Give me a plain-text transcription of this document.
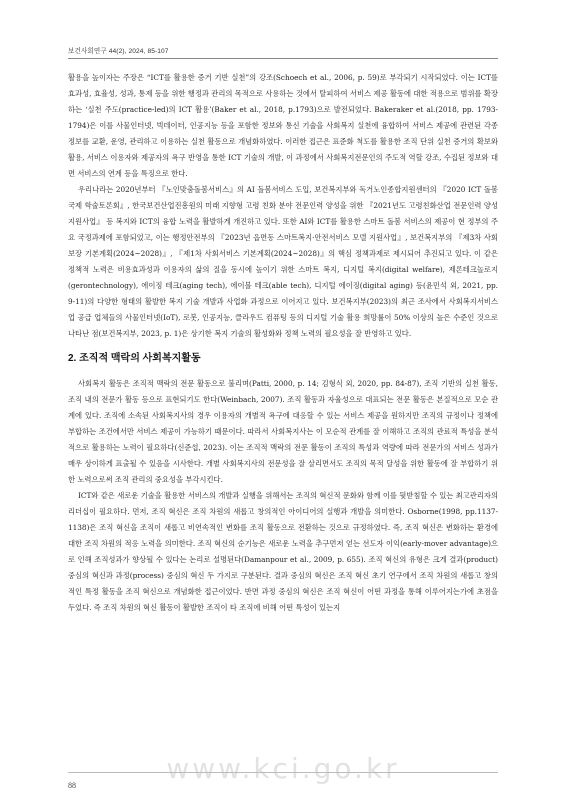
보건사회연구 44(2), 2024, 85-107

활용을 높이자는 주장은 “ICT를 활용한 증거 기반 실천”의 강조(Schoech et al., 2006, p. 59)로 부각되기 시작되었다. 이는 ICT를 효과성, 효율성, 성과, 통제 등을 위한 행정과 관리의 목적으로 사용하는 것에서 탈피하여 서비스 제공 활동에 대한 적용으로 범위를 확장하는 ‘실천 주도(practice-led)의 ICT 활용’(Baker et al., 2018, p.1793)으로 발전되었다. Bakeraker et al.(2018, pp. 1793-1794)은 이를 사물인터넷, 빅데이터, 인공지능 등을 포함한 정보와 통신 기술을 사회복지 실천에 융합하여 서비스 제공에 관련된 각종 정보를 교환, 운영, 관리하고 이용하는 실천 활동으로 개념화하였다. 이러한 접근은 표준화 척도를 활용한 조직 단위 실천 증거의 확보와 활용, 서비스 이용자와 제공자의 욕구 반영을 통한 ICT 기술의 개발, 이 과정에서 사회복지전문인의 주도적 역할 강조, 수집된 정보와 대면 서비스의 연계 등을 특징으로 한다.

우리나라는 2020년부터 『노인맞춤돌봄서비스』의 AI 돌봄서비스 도입, 보건복지부와 독거노인종합지원센터의 『2020 ICT 돌봄 국제 학술토론회』, 한국보건산업진흥원의 미래 지향형 고령 친화 분야 전문인력 양성을 위한 『2021년도 고령친화산업 전문인력 양성 지원사업』 등 복지와 ICT의 융합 노력을 활발하게 개진하고 있다. 또한 AI와 ICT를 활용한 스마트 돌봄 서비스의 제공이 현 정부의 주요 국정과제에 포함되었고, 이는 행정안전부의 『2023년 읍면동 스마트복지·안전서비스 모델 지원사업』, 보건복지부의 『제3차 사회보장 기본계획(2024~2028)』, 『제1차 사회서비스 기본계획(2024~2028)』의 핵심 정책과제로 제시되어 추진되고 있다. 이 같은 정책적 노력은 비용효과성과 이용자의 삶의 질을 동시에 높이기 위한 스마트 복지, 디지털 복지(digital welfare), 제론테크놀로지(gerontechnology), 에이징 테크(aging tech), 에이블 테크(able tech), 디지털 에이징(digital aging) 등(윤민석 외, 2021, pp. 9-11)의 다양한 형태의 활발한 복지 기술 개발과 사업화 과정으로 이어지고 있다. 보건복지부(2023)의 최근 조사에서 사회복지서비스업 공급 업체들의 사물인터넷(IoT), 로봇, 인공지능, 클라우드 컴퓨팅 등의 디지털 기술 활용 희망률이 50% 이상의 높은 수준인 것으로 나타난 점(보건복지부, 2023, p. 1)은 상기한 복지 기술의 활성화와 정책 노력의 필요성을 잘 반영하고 있다.

2. 조직적 맥락의 사회복지활동

사회복지 활동은 조직적 맥락의 전문 활동으로 불리며(Patti, 2000, p. 14; 김형식 외, 2020, pp. 84-87), 조직 기반의 실천 활동, 조직 내의 전문가 활동 등으로 표현되기도 한다(Weinbach, 2007). 조직 활동과 자율성으로 대표되는 전문 활동은 본질적으로 모순 관계에 있다. 조직에 소속된 사회복지사의 경우 이용자의 개별적 욕구에 대응할 수 있는 서비스 제공을 원하지만 조직의 규정이나 정책에 부합하는 조건에서만 서비스 제공이 가능하기 때문이다. 따라서 사회복지사는 이 모순적 관계를 잘 이해하고 조직의 관료적 특성을 분석적으로 활용하는 노력이 필요하다(신준섭, 2023). 이는 조직적 맥락의 전문 활동이 조직의 특성과 역량에 따라 전문가의 서비스 성과가 매우 상이하게 표출될 수 있음을 시사한다. 개별 사회복지사의 전문성을 잘 살리면서도 조직의 목적 달성을 위한 활동에 잘 부합하기 위한 노력으로써 조직 관리의 중요성을 부각시킨다.

ICT와 같은 새로운 기술을 활용한 서비스의 개발과 실행을 위해서는 조직의 혁신적 문화와 함께 이를 뒷받침할 수 있는 최고관리자의 리더십이 필요하다. 먼저, 조직 혁신은 조직 차원의 새롭고 창의적인 아이디어의 실행과 개발을 의미한다. Osborne(1998, pp.1137-1138)은 조직 혁신을 조직이 새롭고 비연속적인 변화를 조직 활동으로 전환하는 것으로 규정하였다. 즉, 조직 혁신은 변화하는 환경에 대한 조직 차원의 적응 노력을 의미한다. 조직 혁신의 순기능은 새로운 노력을 추구먼저 얻는 선도자 이익(early-mover advantage)으로 인해 조직성과가 향상될 수 있다는 논리로 설명된다(Damanpour et al., 2009, p. 655). 조직 혁신의 유형은 크게 결과(product) 중심의 혁신과 과정(process) 중심의 혁신 두 가지로 구분된다. 결과 중심의 혁신은 조직 혁신 초기 연구에서 조직 차원의 새롭고 창의적인 특정 활동을 조직 혁신으로 개념화한 접근이었다. 반면 과정 중심의 혁신은 조직 혁신이 어떤 과정을 통해 이루어지는가에 초점을 두었다. 즉 조직 차원의 혁신 활동이 활발한 조직이 타 조직에 비해 어떤 특성이 있는지

www.kci.go.kr
88
